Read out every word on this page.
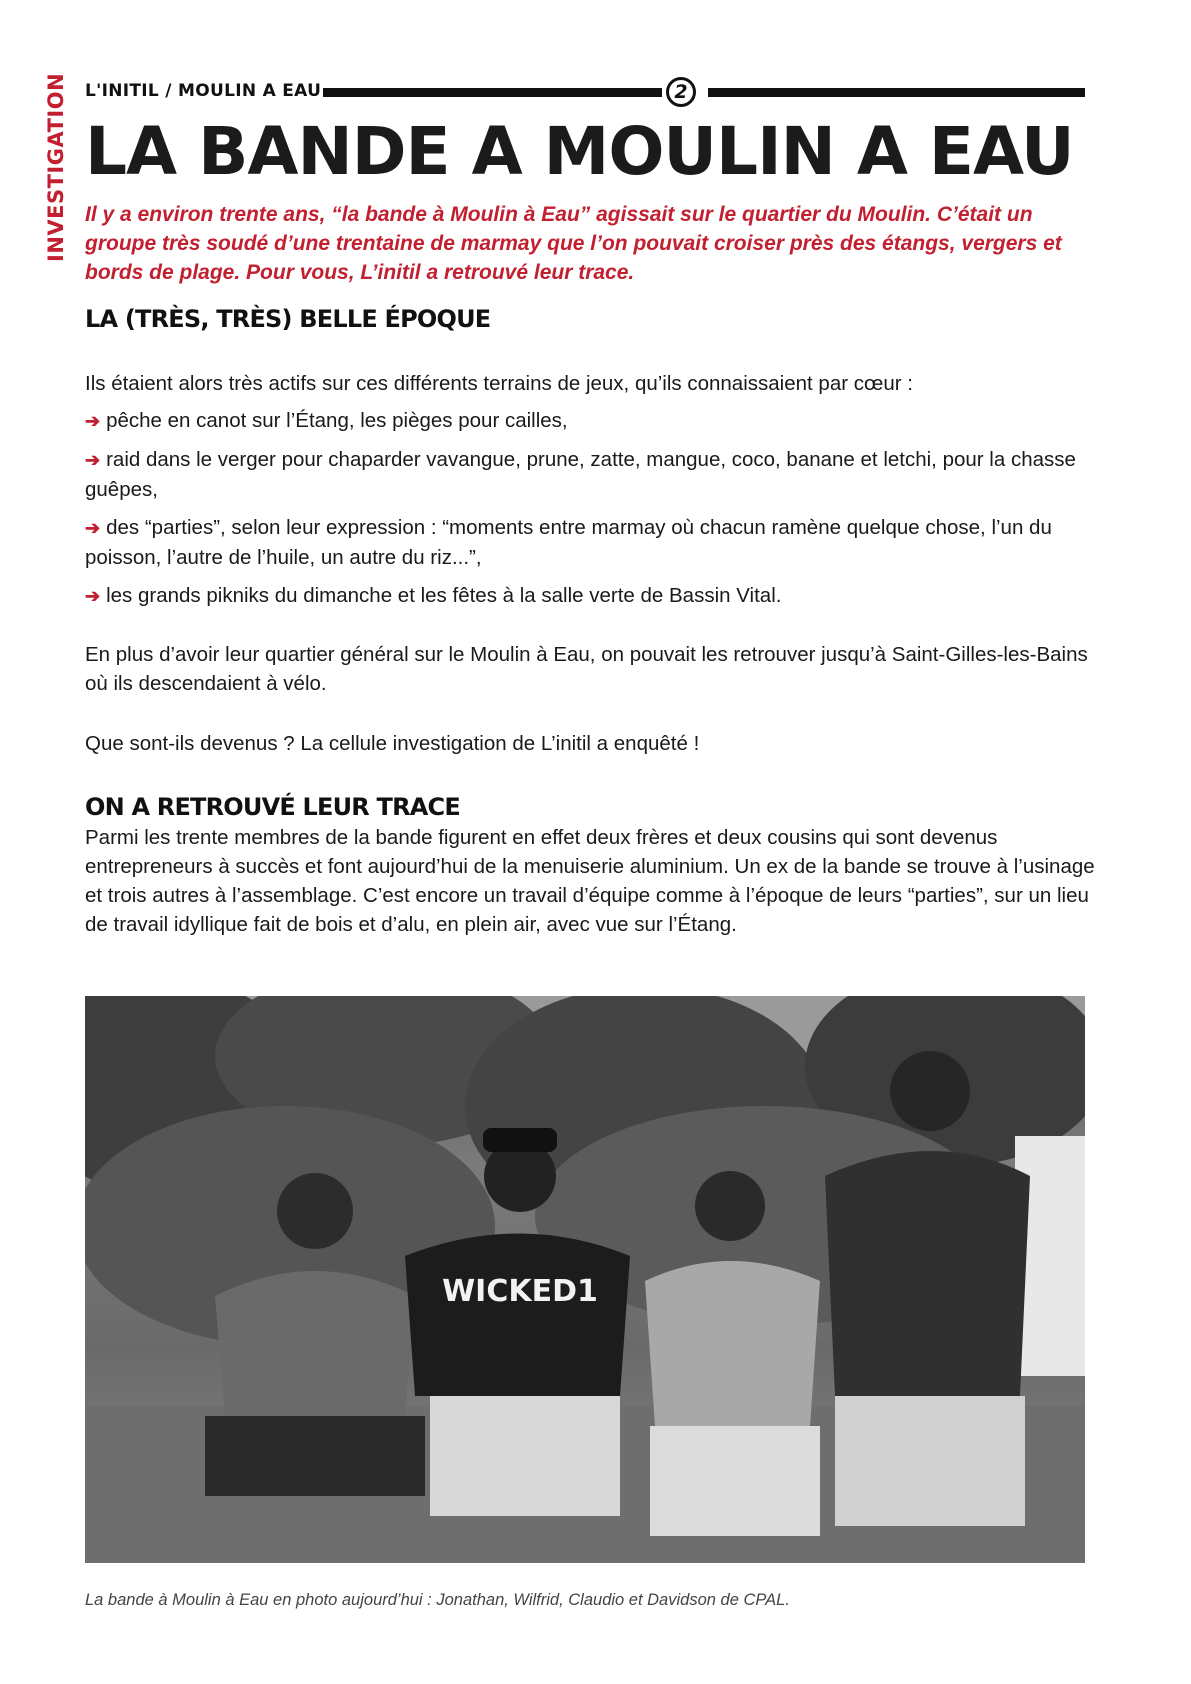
L'INITIL / MOULIN A EAU	2
INVESTIGATION LA BANDE A MOULIN A EAU

Il y a environ trente ans, “la bande à Moulin à Eau” agissait sur le quartier du Moulin. C’était un groupe très soudé d’une trentaine de marmay que l’on pouvait croiser près des étangs, vergers et bords de plage. Pour vous, L’initil a retrouvé leur trace.

LA (TRÈS, TRÈS) BELLE ÉPOQUE

Ils étaient alors très actifs sur ces différents terrains de jeux, qu’ils connaissaient par cœur :

➔ pêche en canot sur l’Étang, les pièges pour cailles,
➔ raid dans le verger pour chaparder vavangue, prune, zatte, mangue, coco, banane et letchi, pour la chasse guêpes,
➔ des “parties”, selon leur expression : “moments entre marmay où chacun ramène quelque chose, l’un du poisson, l’autre de l’huile, un autre du riz...”,
➔ les grands pikniks du dimanche et les fêtes à la salle verte de Bassin Vital.

En plus d’avoir leur quartier général sur le Moulin à Eau, on pouvait les retrouver jusqu’à Saint-Gilles-les-Bains où ils descendaient à vélo.

Que sont-ils devenus ? La cellule investigation de L’initil a enquêté !

ON A RETROUVÉ LEUR TRACE

Parmi les trente membres de la bande figurent en effet deux frères et deux cousins qui sont devenus entrepreneurs à succès et font aujourd’hui de la menuiserie aluminium. Un ex de la bande se trouve à l’usinage et trois autres à l’assemblage. C’est encore un travail d’équipe comme à l’époque de leurs “parties”, sur un lieu de travail idyllique fait de bois et d’alu, en plein air, avec vue sur l’Étang.

WICKED1

La bande à Moulin à Eau en photo aujourd’hui : Jonathan, Wilfrid, Claudio et Davidson de CPAL.
